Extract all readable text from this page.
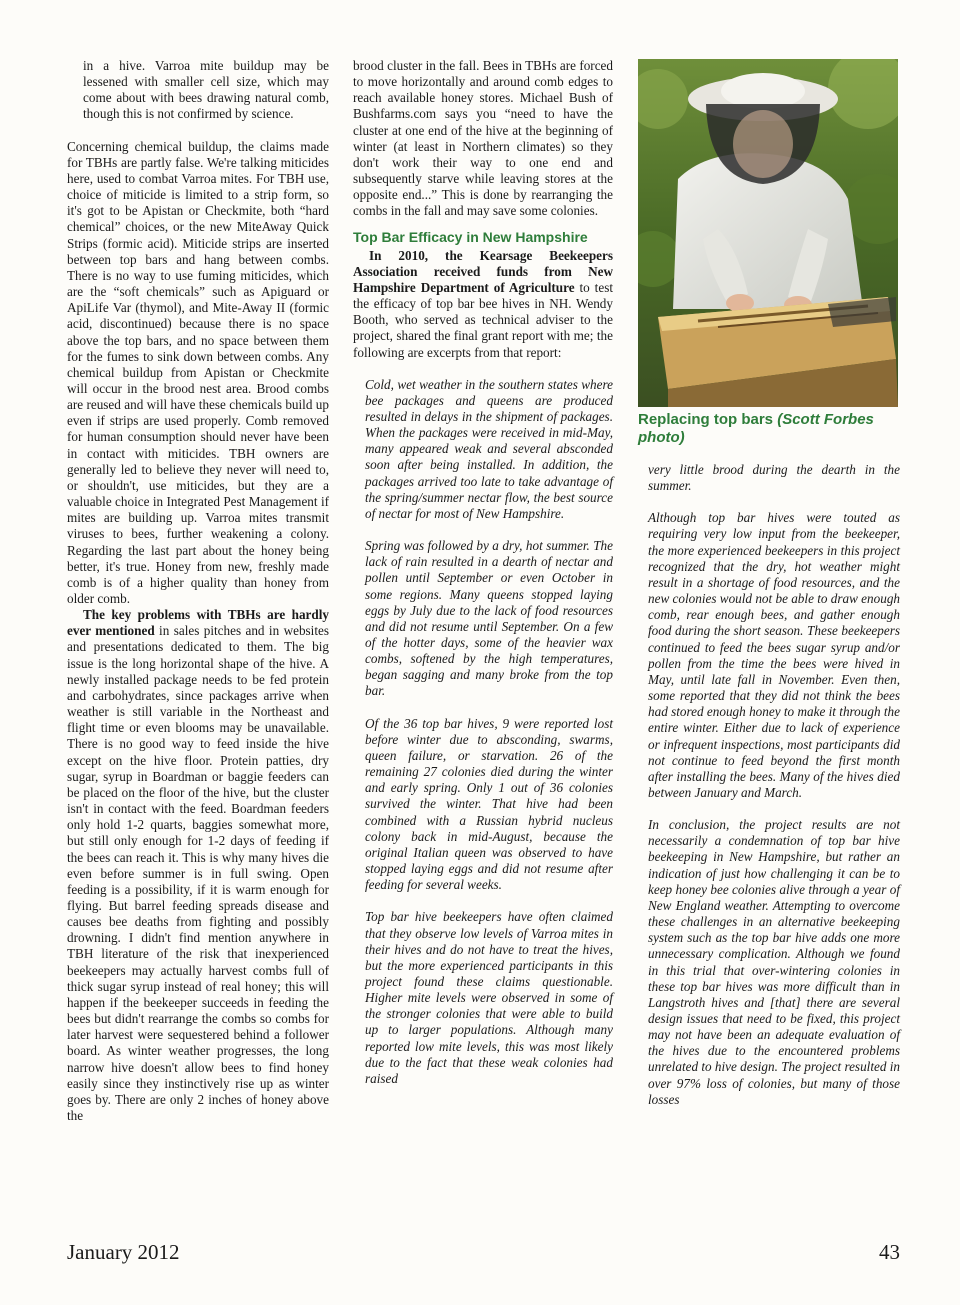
in a hive. Varroa mite buildup may be lessened with smaller cell size, which may come about with bees drawing natural comb, though this is not confirmed by science.

Concerning chemical buildup, the claims made for TBHs are partly false. We're talking miticides here, used to combat Varroa mites. For TBH use, choice of miticide is limited to a strip form, so it's got to be Apistan or Checkmite, both “hard chemical” choices, or the new MiteAway Quick Strips (formic acid). Miticide strips are inserted between top bars and hang between combs. There is no way to use fuming miticides, which are the “soft chemicals” such as Apiguard or ApiLife Var (thymol), and Mite-Away II (formic acid, discontinued) because there is no space above the top bars, and no space between them for the fumes to sink down between combs. Any chemical buildup from Apistan or Checkmite will occur in the brood nest area. Brood combs are reused and will have these chemicals build up even if strips are used properly. Comb removed for human consumption should never have been in contact with miticides. TBH owners are generally led to believe they never will need to, or shouldn't, use miticides, but they are a valuable choice in Integrated Pest Management if mites are building up. Varroa mites transmit viruses to bees, further weakening a colony. Regarding the last part about the honey being better, it's true. Honey from new, freshly made comb is of a higher quality than honey from older comb.

The key problems with TBHs are hardly ever mentioned in sales pitches and in websites and presentations dedicated to them. The big issue is the long horizontal shape of the hive. A newly installed package needs to be fed protein and carbohydrates, since packages arrive when weather is still variable in the Northeast and flight time or even blooms may be unavailable. There is no good way to feed inside the hive except on the hive floor. Protein patties, dry sugar, syrup in Boardman or baggie feeders can be placed on the floor of the hive, but the cluster isn't in contact with the feed. Boardman feeders only hold 1-2 quarts, baggies somewhat more, but still only enough for 1-2 days of feeding if the bees can reach it. This is why many hives die even before summer is in full swing. Open feeding is a possibility, if it is warm enough for flying. But barrel feeding spreads disease and causes bee deaths from fighting and possibly drowning. I didn't find mention anywhere in TBH literature of the risk that inexperienced beekeepers may actually harvest combs full of thick sugar syrup instead of real honey; this will happen if the beekeeper succeeds in feeding the bees but didn't rearrange the combs so combs for later harvest were sequestered behind a follower board. As winter weather progresses, the long narrow hive doesn't allow bees to find honey easily since they instinctively rise up as winter goes by. There are only 2 inches of honey above the

brood cluster in the fall. Bees in TBHs are forced to move horizontally and around comb edges to reach available honey stores. Michael Bush of Bushfarms.com says you “need to have the cluster at one end of the hive at the beginning of winter (at least in Northern climates) so they don't work their way to one end and subsequently starve while leaving stores at the opposite end...” This is done by rearranging the combs in the fall and may save some colonies.

Top Bar Efficacy in New Hampshire

In 2010, the Kearsage Beekeepers Association received funds from New Hampshire Department of Agriculture to test the efficacy of top bar bee hives in NH. Wendy Booth, who served as technical adviser to the project, shared the final grant report with me; the following are excerpts from that report:

Cold, wet weather in the southern states where bee packages and queens are produced resulted in delays in the shipment of packages. When the packages were received in mid-May, many appeared weak and several absconded soon after being installed. In addition, the packages arrived too late to take advantage of the spring/summer nectar flow, the best source of nectar for most of New Hampshire.

Spring was followed by a dry, hot summer. The lack of rain resulted in a dearth of nectar and pollen until September or even October in some regions. Many queens stopped laying eggs by July due to the lack of food resources and did not resume until September. On a few of the hotter days, some of the heavier wax combs, softened by the high temperatures, began sagging and many broke from the top bar.

Of the 36 top bar hives, 9 were reported lost before winter due to absconding, swarms, queen failure, or starvation. 26 of the remaining 27 colonies died during the winter and early spring. Only 1 out of 36 colonies survived the winter. That hive had been combined with a Russian hybrid nucleus colony back in mid-August, because the original Italian queen was observed to have stopped laying eggs and did not resume after feeding for several weeks.

Top bar hive beekeepers have often claimed that they observe low levels of Varroa mites in their hives and do not have to treat the hives, but the more experienced participants in this project found these claims questionable. Higher mite levels were observed in some of the stronger colonies that were able to build up to larger populations. Although many reported low mite levels, this was most likely due to the fact that these weak colonies had raised

Replacing top bars (Scott Forbes photo)

very little brood during the dearth in the summer.

Although top bar hives were touted as requiring very low input from the beekeeper, the more experienced beekeepers in this project recognized that the dry, hot weather might result in a shortage of food resources, and the new colonies would not be able to draw enough comb, rear enough bees, and gather enough food during the short season. These beekeepers continued to feed the bees sugar syrup and/or pollen from the time the bees were hived in May, until late fall in November. Even then, some reported that they did not think the bees had stored enough honey to make it through the entire winter. Either due to lack of experience or infrequent inspections, most participants did not continue to feed beyond the first month after installing the bees. Many of the hives died between January and March.

In conclusion, the project results are not necessarily a condemnation of top bar hive beekeeping in New Hampshire, but rather an indication of just how challenging it can be to keep honey bee colonies alive through a year of New England weather. Attempting to overcome these challenges in an alternative beekeeping system such as the top bar hive adds one more unnecessary complication. Although we found in this trial that over-wintering colonies in these top bar hives was more difficult than in Langstroth hives and [that] there are several design issues that need to be fixed, this project may not have been an adequate evaluation of the hives due to the encountered problems unrelated to hive design. The project resulted in over 97% loss of colonies, but many of those losses

January 2012	43
